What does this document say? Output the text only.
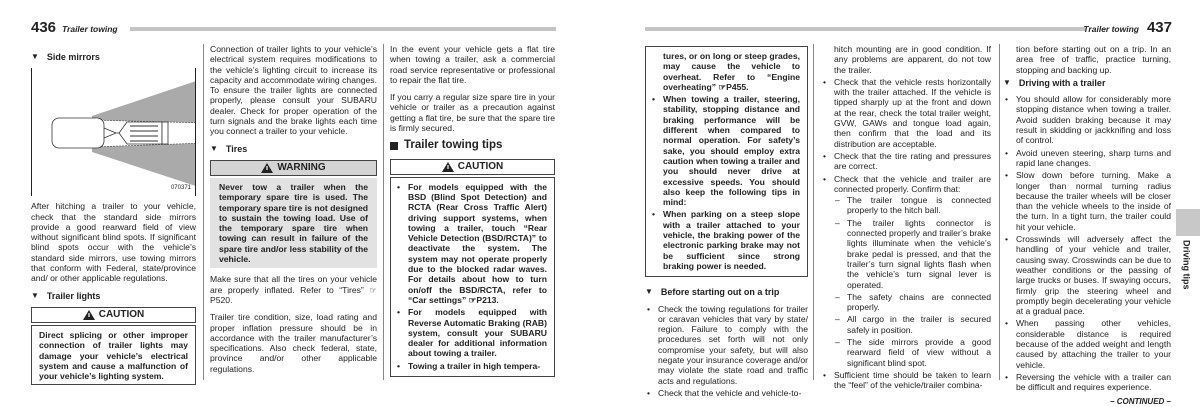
436 Trailer towing	Trailer towing 437
▼ Side mirrors
070371

After hitching a trailer to your vehicle, check that the standard side mirrors provide a good rearward field of view without significant blind spots. If significant blind spots occur with the vehicle’s standard side mirrors, use towing mirrors that conform with Federal, state/province and/ or other applicable regulations.

▼ Trailer lights
CAUTION
Direct splicing or other improper connection of trailer lights may damage your vehicle’s electrical system and cause a malfunction of your vehicle’s lighting system.

Connection of trailer lights to your vehicle’s electrical system requires modifications to the vehicle’s lighting circuit to increase its capacity and accommodate wiring changes. To ensure the trailer lights are connected properly, please consult your SUBARU dealer. Check for proper operation of the turn signals and the brake lights each time you connect a trailer to your vehicle.

▼ Tires
WARNING
Never tow a trailer when the temporary spare tire is used. The temporary spare tire is not designed to sustain the towing load. Use of the temporary spare tire when towing can result in failure of the spare tire and/or less stability of the vehicle.

Make sure that all the tires on your vehicle are properly inflated. Refer to “Tires” ☞P520.

Trailer tire condition, size, load rating and proper inflation pressure should be in accordance with the trailer manufacturer’s specifications. Also check federal, state, province and/or other applicable regulations.

In the event your vehicle gets a flat tire when towing a trailer, ask a commercial road service representative or professional to repair the flat tire.

If you carry a regular size spare tire in your vehicle or trailer as a precaution against getting a flat tire, be sure that the spare tire is firmly secured.

Trailer towing tips
CAUTION
• For models equipped with the BSD (Blind Spot Detection) and RCTA (Rear Cross Traffic Alert) driving support systems, when towing a trailer, touch “Rear Vehicle Detection (BSD/RCTA)” to deactivate the system. The system may not operate properly due to the blocked radar waves. For details about how to turn on/off the BSD/RCTA, refer to “Car settings” ☞P213.
• For models equipped with Reverse Automatic Braking (RAB) system, consult your SUBARU dealer for additional information about towing a trailer.
• Towing a trailer in high tempera-
tures, or on long or steep grades, may cause the vehicle to overheat. Refer to “Engine overheating” ☞P455.
• When towing a trailer, steering, stability, stopping distance and braking performance will be different when compared to normal operation. For safety’s sake, you should employ extra caution when towing a trailer and you should never drive at excessive speeds. You should also keep the following tips in mind:
• When parking on a steep slope with a trailer attached to your vehicle, the braking power of the electronic parking brake may not be sufficient since strong braking power is needed.
▼ Before starting out on a trip
• Check the towing regulations for trailer or caravan vehicles that vary by state/ region. Failure to comply with the procedures set forth will not only compromise your safety, but will also negate your insurance coverage and/or may violate the state road and traffic acts and regulations.
• Check that the vehicle and vehicle-to-
hitch mounting are in good condition. If any problems are apparent, do not tow the trailer.
• Check that the vehicle rests horizontally with the trailer attached. If the vehicle is tipped sharply up at the front and down at the rear, check the total trailer weight, GVW, GAWs and tongue load again, then confirm that the load and its distribution are acceptable.
• Check that the tire rating and pressures are correct.
• Check that the vehicle and trailer are connected properly. Confirm that:
– The trailer tongue is connected properly to the hitch ball.
– The trailer lights connector is connected properly and trailer’s brake lights illuminate when the vehicle’s brake pedal is pressed, and that the trailer’s turn signal lights flash when the vehicle’s turn signal lever is operated.
– The safety chains are connected properly.
– All cargo in the trailer is secured safely in position.
– The side mirrors provide a good rearward field of view without a significant blind spot.
• Sufficient time should be taken to learn the “feel” of the vehicle/trailer combina-
tion before starting out on a trip. In an area free of traffic, practice turning, stopping and backing up.
▼ Driving with a trailer
• You should allow for considerably more stopping distance when towing a trailer. Avoid sudden braking because it may result in skidding or jackknifing and loss of control.
• Avoid uneven steering, sharp turns and rapid lane changes.
• Slow down before turning. Make a longer than normal turning radius because the trailer wheels will be closer than the vehicle wheels to the inside of the turn. In a tight turn, the trailer could hit your vehicle.
• Crosswinds will adversely affect the handling of your vehicle and trailer, causing sway. Crosswinds can be due to weather conditions or the passing of large trucks or buses. If swaying occurs, firmly grip the steering wheel and promptly begin decelerating your vehicle at a gradual pace.
• When passing other vehicles, considerable distance is required because of the added weight and length caused by attaching the trailer to your vehicle.
• Reversing the vehicle with a trailer can be difficult and requires experience.
– CONTINUED –
Driving tips
